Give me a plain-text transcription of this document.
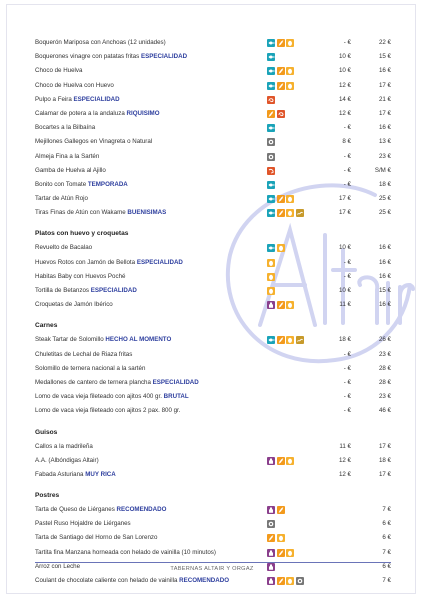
Boquerón Mariposa con Anchoas (12 unidades)	- €	22 €
Boquerones vinagre con patatas fritas ESPECIALIDAD	10 €	15 €
Choco de Huelva	10 €	16 €
Choco de Huelva con Huevo	12 €	17 €
Pulpo a Feira ESPECIALIDAD	14 €	21 €
Calamar de potera a la andaluza RIQUISIMO	12 €	17 €
Bocartes a la Bilbaína	- €	16 €
Mejillones Gallegos en Vinagreta o Natural	8 €	13 €
Almeja Fina a la Sartén	- €	23 €
Gamba de Huelva al Ajillo	- €	S/M €
Bonito con Tomate TEMPORADA	- €	18 €
Tartar de Atún Rojo	17 €	25 €
Tiras Finas de Atún con Wakame BUENISIMAS	17 €	25 €
Platos con huevo y croquetas
Revuelto de Bacalao	10 €	16 €
Huevos Rotos con Jamón de Bellota ESPECIALIDAD	- €	16 €
Habitas Baby con Huevos Poché	- €	16 €
Tortilla de Betanzos ESPECIALIDAD	10 €	15 €
Croquetas de Jamón Ibérico	11 €	16 €
Carnes
Steak Tartar de Solomillo HECHO AL MOMENTO	18 €	26 €
Chuletitas de Lechal de Riaza fritas	- €	23 €
Solomillo de ternera nacional a la sartén	- €	28 €
Medallones de cantero de ternera plancha ESPECIALIDAD	- €	28 €
Lomo de vaca vieja fileteado con ajitos 400 gr. BRUTAL	- €	23 €
Lomo de vaca vieja fileteado con ajitos 2 pax. 800 gr.	- €	46 €
Guisos
Callos a la madrileña	11 €	17 €
A.A. (Albóndigas Altair)	12 €	18 €
Fabada Asturiana MUY RICA	12 €	17 €
Postres
Tarta de Queso de Liérganes RECOMENDADO	7 €
Pastel Ruso Hojaldre de Liérganes	6 €
Tarta de Santiago del Horno de San Lorenzo	6 €
Tartita fina Manzana horneada con helado de vainilla (10 minutos)	7 €
Arroz con Leche	6 €
Coulant de chocolate caliente con helado de vainilla RECOMENDADO	7 €
TABERNAS ALTAIR Y ORGAZ
